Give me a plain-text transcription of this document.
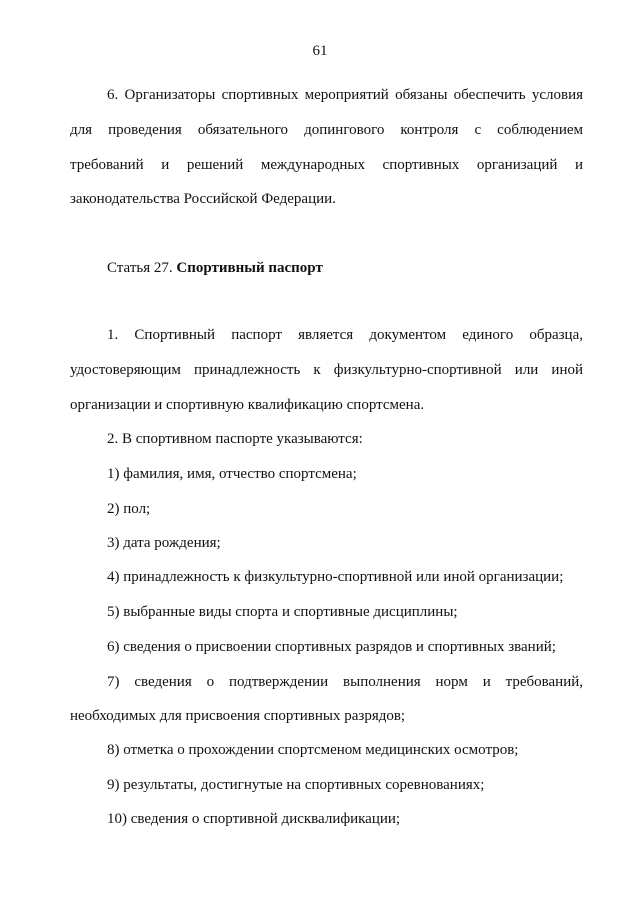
61
6. Организаторы спортивных мероприятий обязаны обеспечить условия
для проведения обязательного допингового контроля с соблюдением
требований и решений международных спортивных организаций и
законодательства Российской Федерации.
Статья 27. Спортивный паспорт
1. Спортивный паспорт является документом единого образца,
удостоверяющим принадлежность к физкультурно-спортивной или иной
организации и спортивную квалификацию спортсмена.
2. В спортивном паспорте указываются:
1) фамилия, имя, отчество спортсмена;
2) пол;
3) дата рождения;
4) принадлежность к физкультурно-спортивной или иной организации;
5) выбранные виды спорта и спортивные дисциплины;
6) сведения о присвоении спортивных разрядов и спортивных званий;
7) сведения о подтверждении выполнения норм и требований,
необходимых для присвоения спортивных разрядов;
8) отметка о прохождении спортсменом медицинских осмотров;
9) результаты, достигнутые на спортивных соревнованиях;
10) сведения о спортивной дисквалификации;
